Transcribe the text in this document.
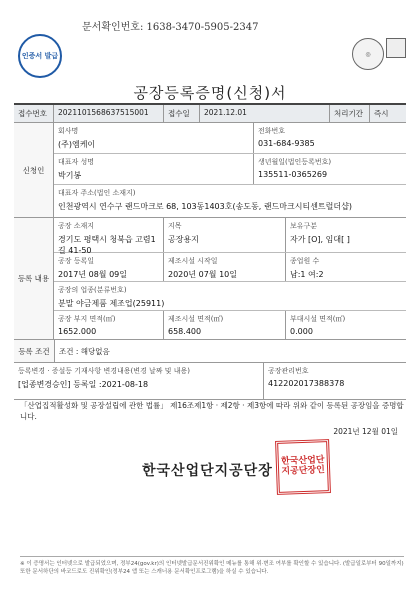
문서확인번호: 1638-3470-5905-2347
인증서 발급	◎
공장등록증명(신청)서
접수번호	20211015686375150​01	접수일	2021.12.01	처리기간	즉시
신청인
회사명
(주)엠케이
전화번호
031-684-9385
대표자 성명
박기봉
생년월일(법인등록번호)
135511-0365269
대표자 주소(법인 소재지)
인천광역시 연수구 랜드마크로 68, 103동1403호(송도동, 랜드마크시티센트럴더샵)
등록 내용
공장 소재지
경기도 평택시 청북읍 고렴1길 41-50
지목
공장용지
보유구분
자가 [O], 임대[ ]
공장 등록일
2017년 08월 09일
제조시설 시작일
2020년 07월 10일
종업원 수
남:1 여:2
공장의 업종(분류번호)
분말 야금제품 제조업(25911)
공장 부지 면적(㎡)
1652.000
제조시설 면적(㎡)
658.400
부대시설 면적(㎡)
0.000
등록 조건	조건 : 해당없음
등록변경 · 증설등 기재사항 변경내용(변경 날짜 및 내용)
[업종변경승인] 등록일 :2021-08-18
공장관리번호
412202017388378
「산업집적활성화 및 공장설립에 관한 법률」 제16조제1항 · 제2항 · 제3항에 따라 위와 같이 등록된 공장임을 증명합니다.
2021년 12월 01일
한국산업단지공단장
한국산업단지공단장인
※ 이 증명서는 인터넷으로 발급되었으며, 정부24(gov.kr)의 인터넷발급문서진위확인 메뉴를 통해 위·변조 여부를 확인할 수 있습니다. (발급일로부터 90일까지) 또한 문서하단의 바코드로도 진위확인(정부24 앱 또는 스캐너용 문서확인프로그램)을 하실 수 있습니다.
